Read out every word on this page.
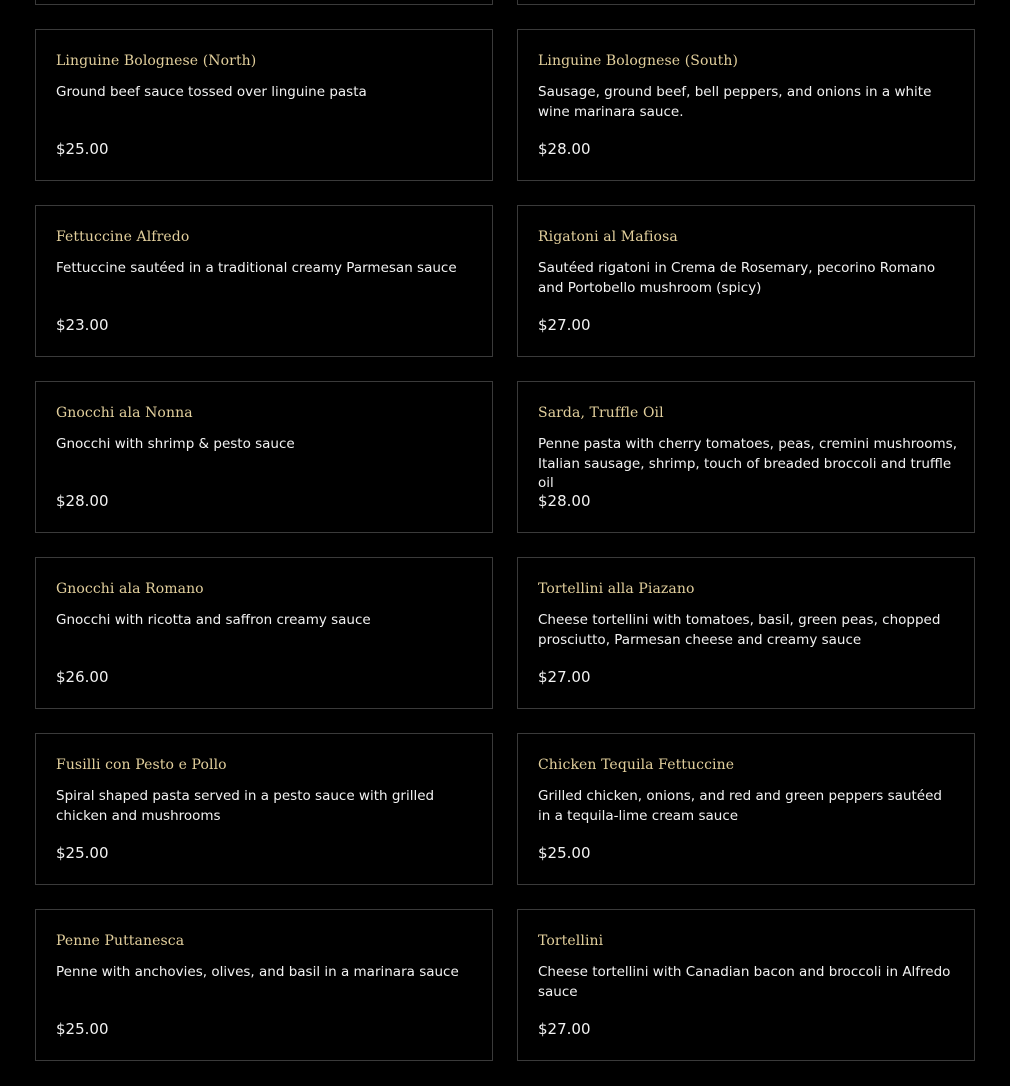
Linguine Bolognese (North)
Ground beef sauce tossed over linguine pasta
$25.00
Linguine Bolognese (South)
Sausage, ground beef, bell peppers, and onions in a white wine marinara sauce.
$28.00
Fettuccine Alfredo
Fettuccine sautéed in a traditional creamy Parmesan sauce
$23.00
Rigatoni al Mafiosa
Sautéed rigatoni in Crema de Rosemary, pecorino Romano and Portobello mushroom (spicy)
$27.00
Gnocchi ala Nonna
Gnocchi with shrimp & pesto sauce
$28.00
Sarda, Truffle Oil
Penne pasta with cherry tomatoes, peas, cremini mushrooms, Italian sausage, shrimp, touch of breaded broccoli and truffle oil
$28.00
Gnocchi ala Romano
Gnocchi with ricotta and saffron creamy sauce
$26.00
Tortellini alla Piazano
Cheese tortellini with tomatoes, basil, green peas, chopped prosciutto, Parmesan cheese and creamy sauce
$27.00
Fusilli con Pesto e Pollo
Spiral shaped pasta served in a pesto sauce with grilled chicken and mushrooms
$25.00
Chicken Tequila Fettuccine
Grilled chicken, onions, and red and green peppers sautéed in a tequila-lime cream sauce
$25.00
Penne Puttanesca
Penne with anchovies, olives, and basil in a marinara sauce
$25.00
Tortellini
Cheese tortellini with Canadian bacon and broccoli in Alfredo sauce
$27.00
